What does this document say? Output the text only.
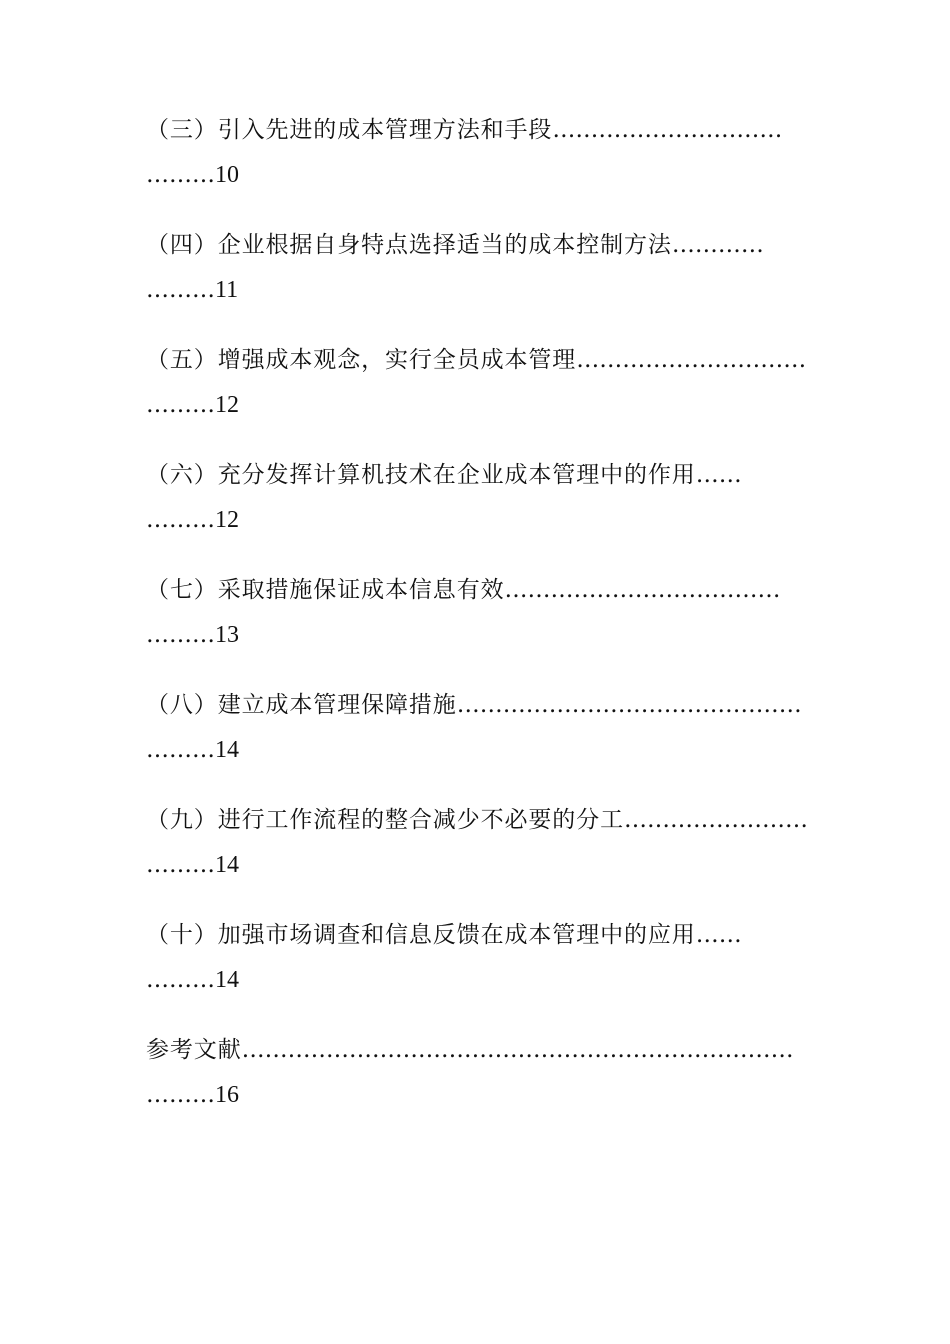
（三）引入先进的成本管理方法和手段…………………………
………10
（四）企业根据自身特点选择适当的成本控制方法…………
………11
（五）增强成本观念，实行全员成本管理…………………………
………12
（六）充分发挥计算机技术在企业成本管理中的作用……
………12
（七）采取措施保证成本信息有效………………………………
………13
（八）建立成本管理保障措施………………………………………
………14
（九）进行工作流程的整合减少不必要的分工……………………
………14
（十）加强市场调查和信息反馈在成本管理中的应用……
………14
参考文献………………………………………………………………
………16
